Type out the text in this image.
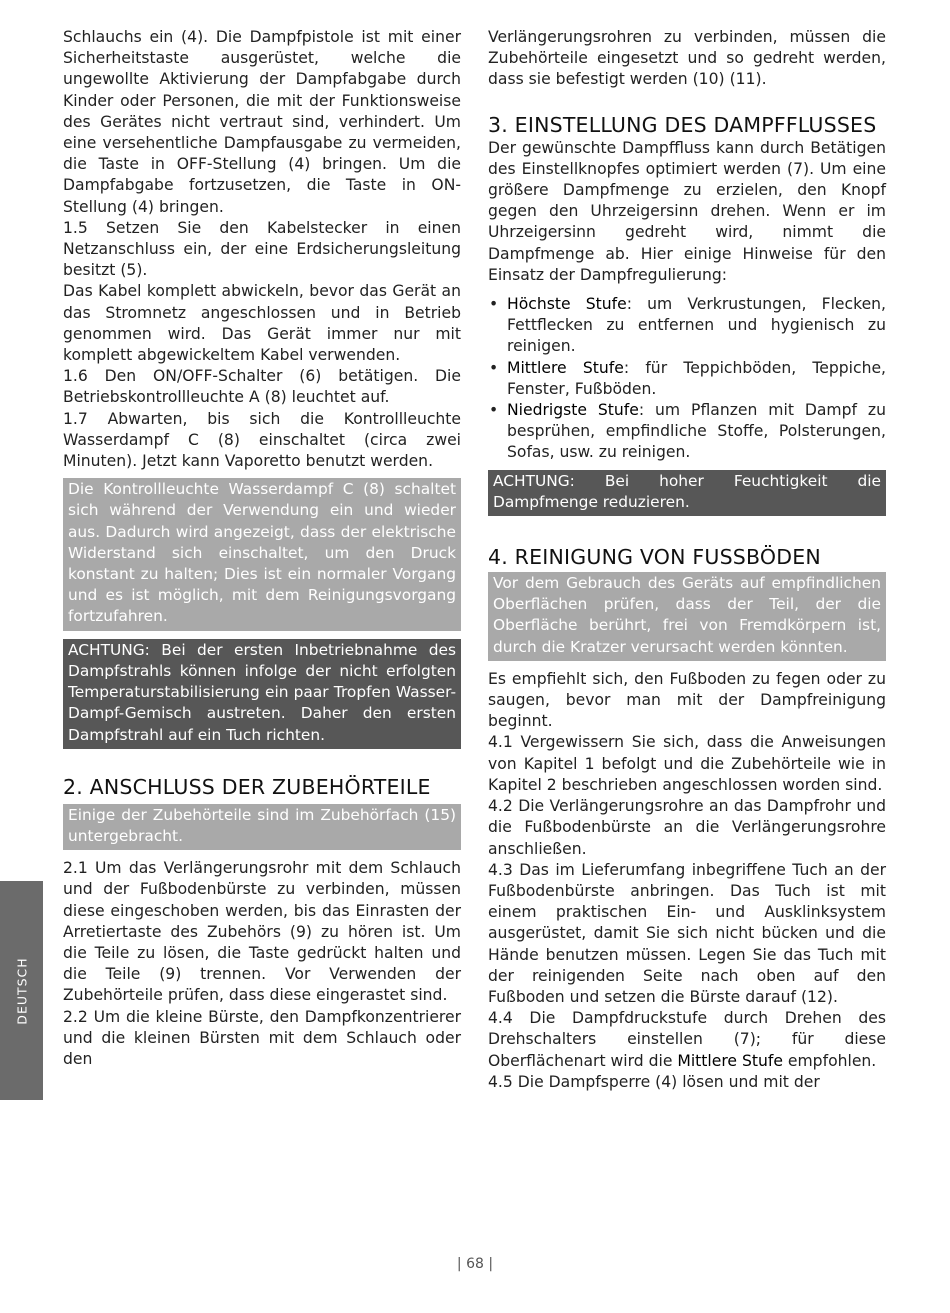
DEUTSCH

Schlauchs ein (4). Die Dampfpistole ist mit einer Sicherheitstaste ausgerüstet, welche die ungewollte Aktivierung der Dampfabgabe durch Kinder oder Personen, die mit der Funktionsweise des Gerätes nicht vertraut sind, verhindert. Um eine versehentliche Dampfausgabe zu vermeiden, die Taste in OFF-Stellung (4) bringen. Um die Dampfabgabe fortzusetzen, die Taste in ON-Stellung (4) bringen.

1.5 Setzen Sie den Kabelstecker in einen Netzanschluss ein, der eine Erdsicherungsleitung besitzt (5).

Das Kabel komplett abwickeln, bevor das Gerät an das Stromnetz angeschlossen und in Betrieb genommen wird. Das Gerät immer nur mit komplett abgewickeltem Kabel verwenden.

1.6 Den ON/OFF-Schalter (6) betätigen. Die Betriebskontrollleuchte A (8) leuchtet auf.

1.7 Abwarten, bis sich die Kontrollleuchte Wasserdampf C (8) einschaltet (circa zwei Minuten). Jetzt kann Vaporetto benutzt werden.

Die Kontrollleuchte Wasserdampf C (8) schaltet sich während der Verwendung ein und wieder aus. Dadurch wird angezeigt, dass der elektrische Widerstand sich einschaltet, um den Druck konstant zu halten; Dies ist ein normaler Vorgang und es ist möglich, mit dem Reinigungsvorgang fortzufahren.
ACHTUNG: Bei der ersten Inbetriebnahme des Dampfstrahls können infolge der nicht erfolgten Temperaturstabilisierung ein paar Tropfen Wasser-Dampf-Gemisch austreten. Daher den ersten Dampfstrahl auf ein Tuch richten.
2. ANSCHLUSS DER ZUBEHÖRTEILE
Einige der Zubehörteile sind im Zubehörfach (15) untergebracht.

2.1 Um das Verlängerungsrohr mit dem Schlauch und der Fußbodenbürste zu verbinden, müssen diese eingeschoben werden, bis das Einrasten der Arretiertaste des Zubehörs (9) zu hören ist. Um die Teile zu lösen, die Taste gedrückt halten und die Teile (9) trennen. Vor Verwenden der Zubehörteile prüfen, dass diese eingerastet sind.

2.2 Um die kleine Bürste, den Dampfkonzentrierer und die kleinen Bürsten mit dem Schlauch oder den

Verlängerungsrohren zu verbinden, müssen die Zubehörteile eingesetzt und so gedreht werden, dass sie befestigt werden (10) (11).

3. EINSTELLUNG DES DAMPFFLUSSES

Der gewünschte Dampffluss kann durch Betätigen des Einstellknopfes optimiert werden (7). Um eine größere Dampfmenge zu erzielen, den Knopf gegen den Uhrzeigersinn drehen. Wenn er im Uhrzeigersinn gedreht wird, nimmt die Dampfmenge ab. Hier einige Hinweise für den Einsatz der Dampfregulierung:

• Höchste Stufe: um Verkrustungen, Flecken, Fettflecken zu entfernen und hygienisch zu reinigen.
• Mittlere Stufe: für Teppichböden, Teppiche, Fenster, Fußböden.
• Niedrigste Stufe: um Pflanzen mit Dampf zu besprühen, empfindliche Stoffe, Polsterungen, Sofas, usw. zu reinigen.
ACHTUNG: Bei hoher Feuchtigkeit die Dampfmenge reduzieren.
4. REINIGUNG VON FUSSBÖDEN
Vor dem Gebrauch des Geräts auf empfindlichen Oberflächen prüfen, dass der Teil, der die Oberfläche berührt, frei von Fremdkörpern ist, durch die Kratzer verursacht werden könnten.

Es empfiehlt sich, den Fußboden zu fegen oder zu saugen, bevor man mit der Dampfreinigung beginnt.

4.1 Vergewissern Sie sich, dass die Anweisungen von Kapitel 1 befolgt und die Zubehörteile wie in Kapitel 2 beschrieben angeschlossen worden sind.

4.2 Die Verlängerungsrohre an das Dampfrohr und die Fußbodenbürste an die Verlängerungsrohre anschließen.

4.3 Das im Lieferumfang inbegriffene Tuch an der Fußbodenbürste anbringen. Das Tuch ist mit einem praktischen Ein- und Ausklinksystem ausgerüstet, damit Sie sich nicht bücken und die Hände benutzen müssen. Legen Sie das Tuch mit der reinigenden Seite nach oben auf den Fußboden und setzen die Bürste darauf (12).

4.4 Die Dampfdruckstufe durch Drehen des Drehschalters einstellen (7); für diese Oberflächenart wird die Mittlere Stufe empfohlen.

4.5 Die Dampfsperre (4) lösen und mit der

| 68 |
